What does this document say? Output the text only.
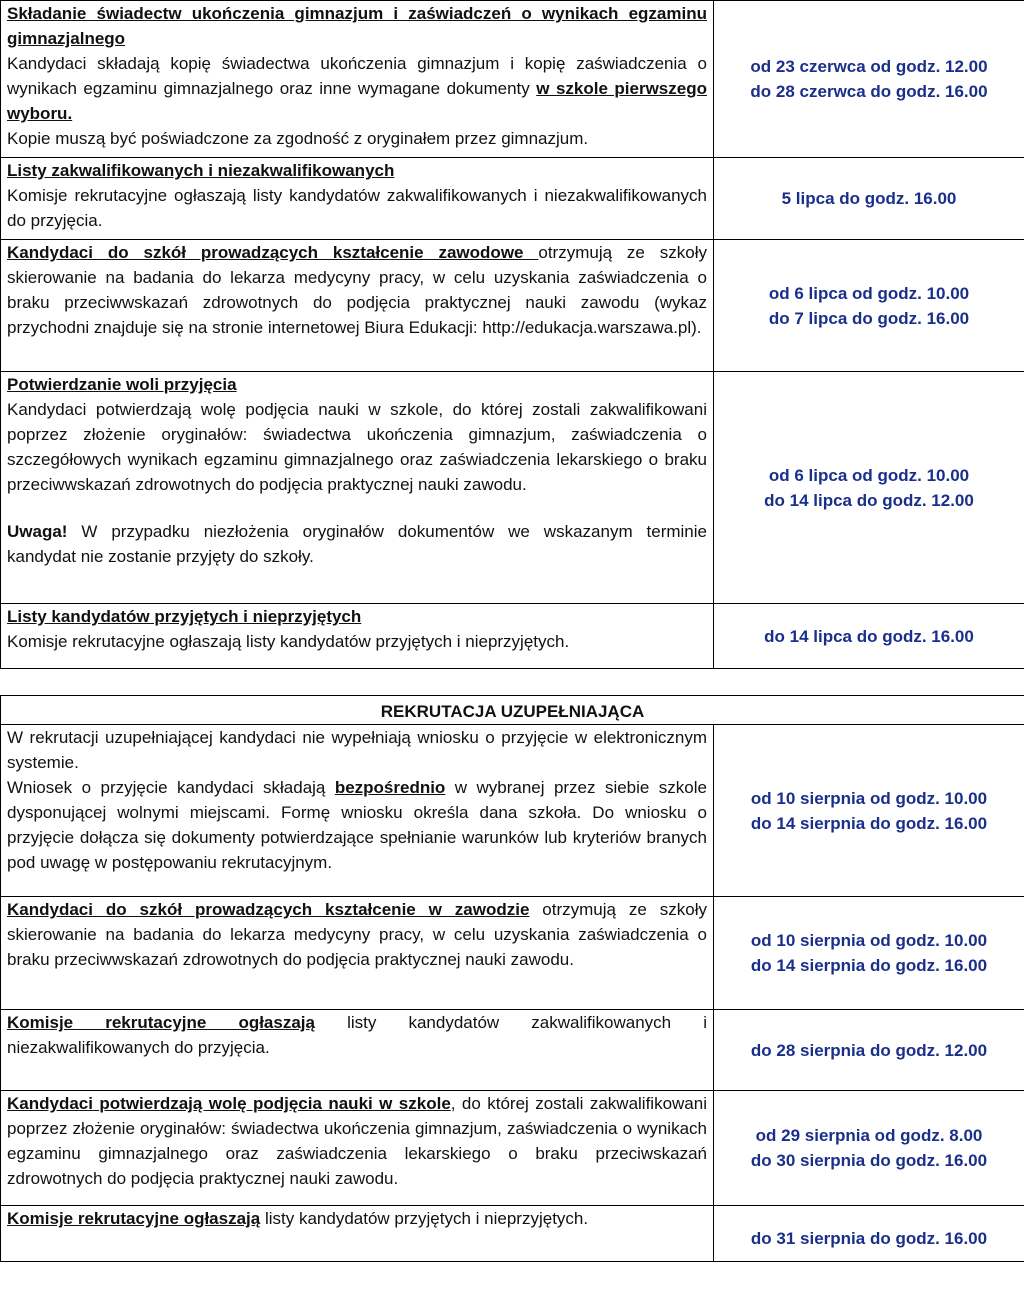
Składanie świadectw ukończenia gimnazjum i zaświadczeń o wynikach egzaminu gimnazjalnego
Kandydaci składają kopię świadectwa ukończenia gimnazjum i kopię zaświadczenia o wynikach egzaminu gimnazjalnego oraz inne wymagane dokumenty w szkole pierwszego wyboru.
Kopie muszą być poświadczone za zgodność z oryginałem przez gimnazjum.	od 23 czerwca od godz. 12.00
do 28 czerwca do godz. 16.00

Listy zakwalifikowanych i niezakwalifikowanych
Komisje rekrutacyjne ogłaszają listy kandydatów zakwalifikowanych i niezakwalifikowanych do przyjęcia.	5 lipca do godz. 16.00

Kandydaci do szkół prowadzących kształcenie zawodowe otrzymują ze szkoły skierowanie na badania do lekarza medycyny pracy, w celu uzyskania zaświadczenia o braku przeciwwskazań zdrowotnych do podjęcia praktycznej nauki zawodu (wykaz przychodni znajduje się na stronie internetowej Biura Edukacji: http://edukacja.warszawa.pl).	od 6 lipca od godz. 10.00
do 7 lipca do godz. 16.00

Potwierdzanie woli przyjęcia
Kandydaci potwierdzają wolę podjęcia nauki w szkole, do której zostali zakwalifikowani poprzez złożenie oryginałów: świadectwa ukończenia gimnazjum, zaświadczenia o szczegółowych wynikach egzaminu gimnazjalnego oraz zaświadczenia lekarskiego o braku przeciwwskazań zdrowotnych do podjęcia praktycznej nauki zawodu.
Uwaga! W przypadku niezłożenia oryginałów dokumentów we wskazanym terminie kandydat nie zostanie przyjęty do szkoły.	od 6 lipca od godz. 10.00
do 14 lipca do godz. 12.00

Listy kandydatów przyjętych i nieprzyjętych
Komisje rekrutacyjne ogłaszają listy kandydatów przyjętych i nieprzyjętych.	do 14 lipca do godz. 16.00
REKRUTACJA UZUPEŁNIAJĄCA	
W rekrutacji uzupełniającej kandydaci nie wypełniają wniosku o przyjęcie w elektronicznym systemie.
Wniosek o przyjęcie kandydaci składają bezpośrednio w wybranej przez siebie szkole dysponującej wolnymi miejscami. Formę wniosku określa dana szkoła. Do wniosku o przyjęcie dołącza się dokumenty potwierdzające spełnianie warunków lub kryteriów branych pod uwagę w postępowaniu rekrutacyjnym.	od 10 sierpnia od godz. 10.00
do 14 sierpnia do godz. 16.00

Kandydaci do szkół prowadzących kształcenie w zawodzie otrzymują ze szkoły skierowanie na badania do lekarza medycyny pracy, w celu uzyskania zaświadczenia o braku przeciwwskazań zdrowotnych do podjęcia praktycznej nauki zawodu.	od 10 sierpnia od godz. 10.00
do 14 sierpnia do godz. 16.00

Komisje rekrutacyjne ogłaszają listy kandydatów zakwalifikowanych i niezakwalifikowanych do przyjęcia.	do 28 sierpnia do godz. 12.00

Kandydaci potwierdzają wolę podjęcia nauki w szkole, do której zostali zakwalifikowani poprzez złożenie oryginałów: świadectwa ukończenia gimnazjum, zaświadczenia o wynikach egzaminu gimnazjalnego oraz zaświadczenia lekarskiego o braku przeciwskazań zdrowotnych do podjęcia praktycznej nauki zawodu.	od 29 sierpnia od godz. 8.00
do 30 sierpnia do godz. 16.00

Komisje rekrutacyjne ogłaszają listy kandydatów przyjętych i nieprzyjętych.	do 31 sierpnia do godz. 16.00
